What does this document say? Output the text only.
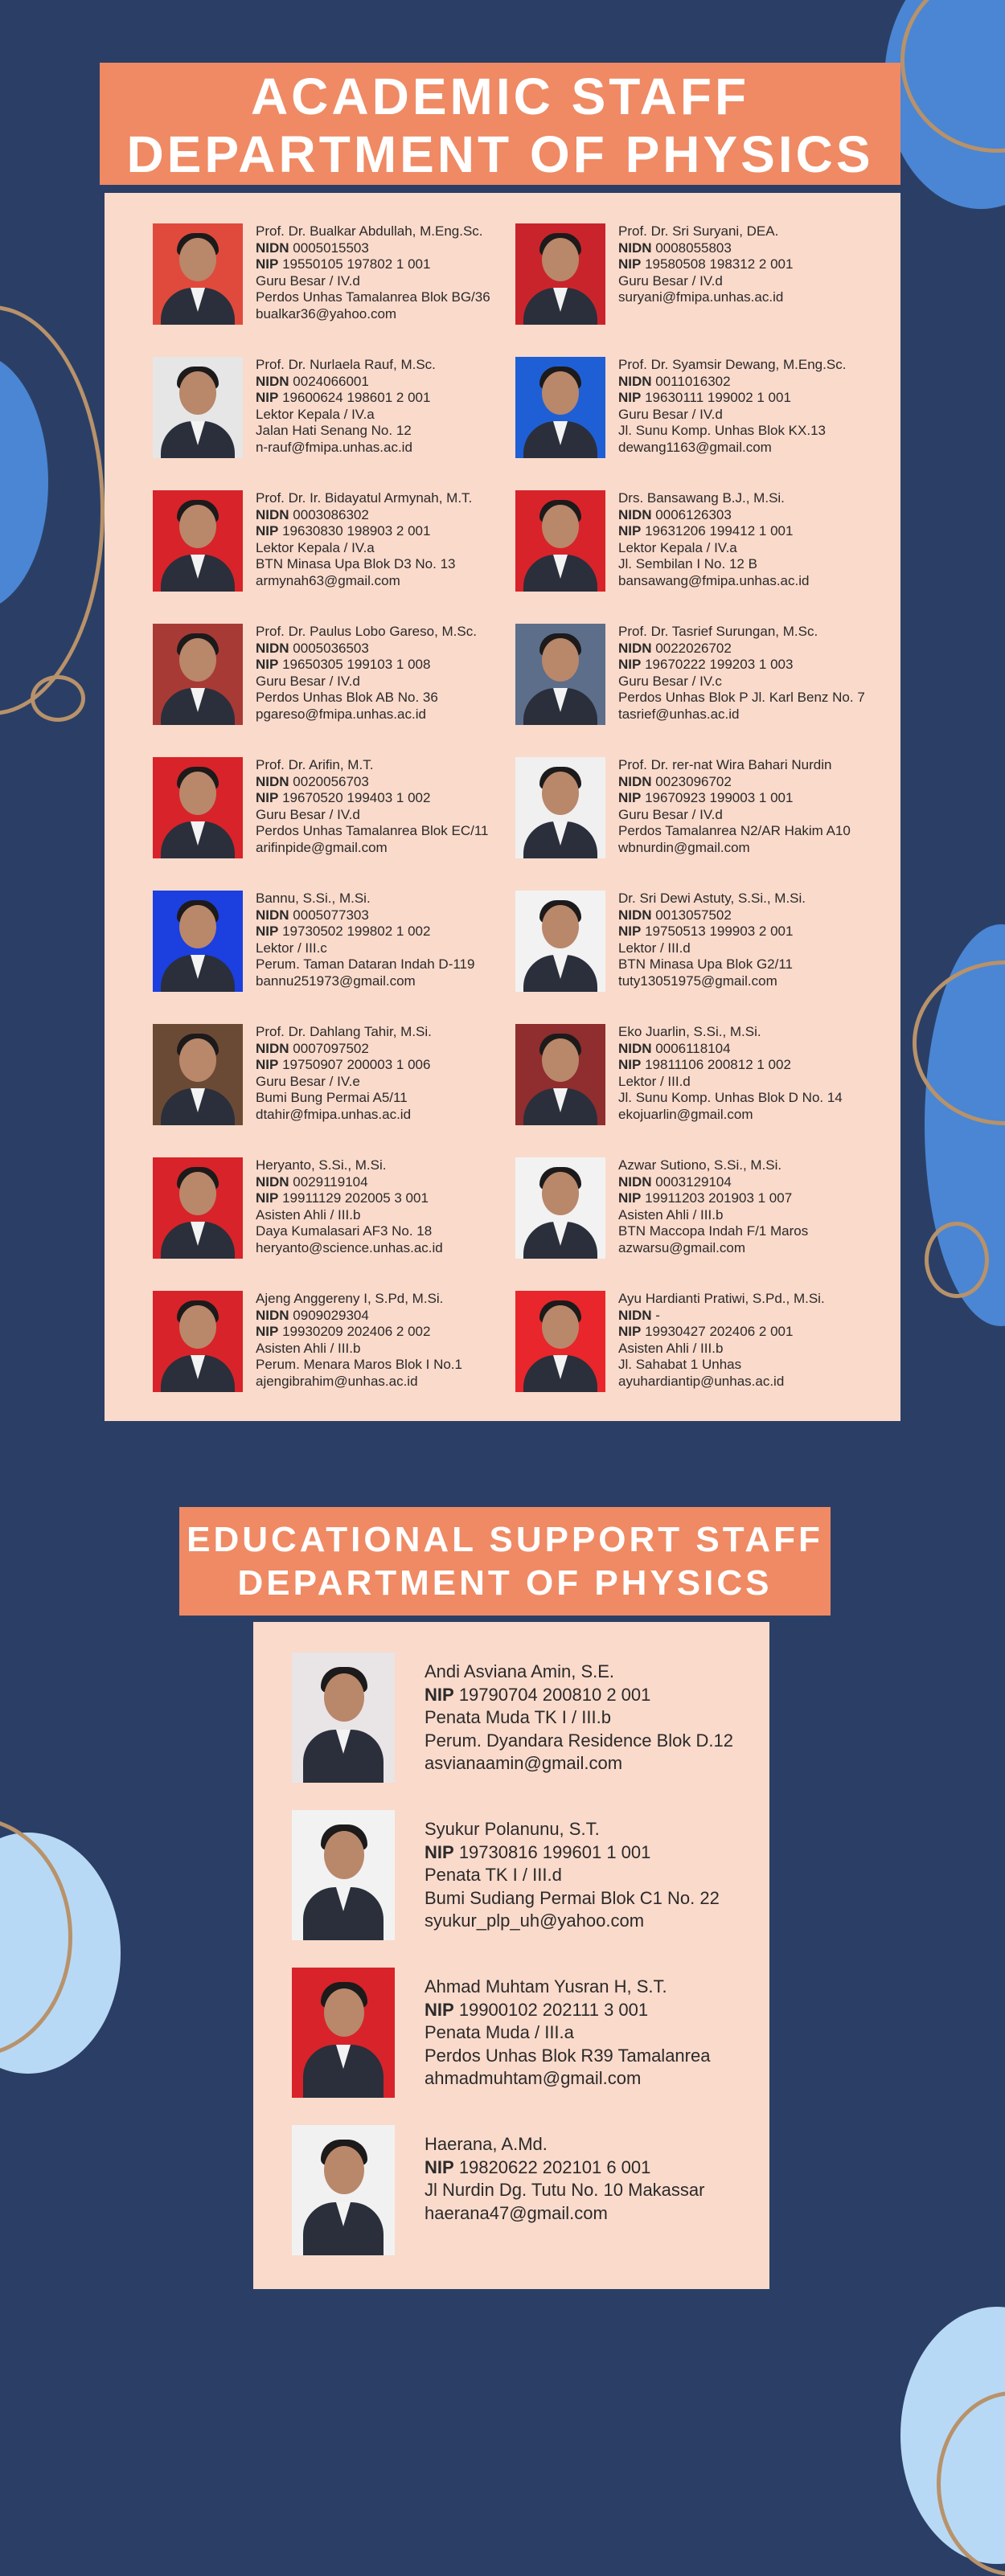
ACADEMIC STAFF
DEPARTMENT OF PHYSICS
Prof. Dr. Bualkar Abdullah, M.Eng.Sc.
NIDN 0005015503
NIP 19550105 197802 1 001
Guru Besar / IV.d
Perdos Unhas Tamalanrea Blok BG/36
bualkar36@yahoo.com
Prof. Dr. Sri Suryani, DEA.
NIDN 0008055803
NIP 19580508 198312 2 001
Guru Besar / IV.d
suryani@fmipa.unhas.ac.id
Prof. Dr. Nurlaela Rauf, M.Sc.
NIDN 0024066001
NIP 19600624 198601 2 001
Lektor Kepala / IV.a
Jalan Hati Senang No. 12
n-rauf@fmipa.unhas.ac.id
Prof. Dr. Syamsir Dewang, M.Eng.Sc.
NIDN 0011016302
NIP 19630111 199002 1 001
Guru Besar / IV.d
Jl. Sunu Komp. Unhas Blok KX.13
dewang1163@gmail.com
Prof. Dr. Ir. Bidayatul Armynah, M.T.
NIDN 0003086302
NIP 19630830 198903 2 001
Lektor Kepala / IV.a
BTN Minasa Upa Blok D3 No. 13
armynah63@gmail.com
Drs. Bansawang B.J., M.Si.
NIDN 0006126303
NIP 19631206 199412 1 001
Lektor Kepala / IV.a
Jl. Sembilan I No. 12 B
bansawang@fmipa.unhas.ac.id
Prof. Dr. Paulus Lobo Gareso, M.Sc.
NIDN 0005036503
NIP 19650305 199103 1 008
Guru Besar / IV.d
Perdos Unhas Blok AB No. 36
pgareso@fmipa.unhas.ac.id
Prof. Dr. Tasrief Surungan, M.Sc.
NIDN 0022026702
NIP 19670222 199203 1 003
Guru Besar / IV.c
Perdos Unhas Blok P Jl. Karl Benz No. 7
tasrief@unhas.ac.id
Prof. Dr. Arifin, M.T.
NIDN 0020056703
NIP 19670520 199403 1 002
Guru Besar / IV.d
Perdos Unhas Tamalanrea Blok EC/11
arifinpide@gmail.com
Prof. Dr. rer-nat Wira Bahari Nurdin
NIDN 0023096702
NIP 19670923 199003 1 001
Guru Besar / IV.d
Perdos Tamalanrea N2/AR Hakim A10
wbnurdin@gmail.com
Bannu, S.Si., M.Si.
NIDN 0005077303
NIP 19730502 199802 1 002
Lektor / III.c
Perum. Taman Dataran Indah D-119
bannu251973@gmail.com
Dr. Sri Dewi Astuty, S.Si., M.Si.
NIDN 0013057502
NIP 19750513 199903 2 001
Lektor / III.d
BTN Minasa Upa Blok G2/11
tuty13051975@gmail.com
Prof. Dr. Dahlang Tahir, M.Si.
NIDN 0007097502
NIP 19750907 200003 1 006
Guru Besar / IV.e
Bumi Bung Permai A5/11
dtahir@fmipa.unhas.ac.id
Eko Juarlin, S.Si., M.Si.
NIDN 0006118104
NIP 19811106 200812 1 002
Lektor / III.d
Jl. Sunu Komp. Unhas Blok D No. 14
ekojuarlin@gmail.com
Heryanto, S.Si., M.Si.
NIDN 0029119104
NIP 19911129 202005 3 001
Asisten Ahli / III.b
Daya Kumalasari AF3 No. 18
heryanto@science.unhas.ac.id
Azwar Sutiono, S.Si., M.Si.
NIDN 0003129104
NIP 19911203 201903 1 007
Asisten Ahli / III.b
BTN Maccopa Indah F/1 Maros
azwarsu@gmail.com
Ajeng Anggereny I, S.Pd, M.Si.
NIDN 0909029304
NIP 19930209 202406 2 002
Asisten Ahli / III.b
Perum. Menara Maros Blok I No.1
ajengibrahim@unhas.ac.id
Ayu Hardianti Pratiwi, S.Pd., M.Si.
NIDN -
NIP 19930427 202406 2 001
Asisten Ahli / III.b
Jl. Sahabat 1 Unhas
ayuhardiantip@unhas.ac.id
EDUCATIONAL SUPPORT STAFF
DEPARTMENT OF PHYSICS
Andi Asviana Amin, S.E.
NIP 19790704 200810 2 001
Penata Muda TK I / III.b
Perum. Dyandara Residence Blok D.12
asvianaamin@gmail.com
Syukur Polanunu, S.T.
NIP 19730816 199601 1 001
Penata TK I / III.d
Bumi Sudiang Permai Blok C1 No. 22
syukur_plp_uh@yahoo.com
Ahmad Muhtam Yusran H, S.T.
NIP 19900102 202111 3 001
Penata Muda / III.a
Perdos Unhas Blok R39 Tamalanrea
ahmadmuhtam@gmail.com
Haerana, A.Md.
NIP 19820622 202101 6 001
Jl Nurdin Dg. Tutu No. 10 Makassar
haerana47@gmail.com
